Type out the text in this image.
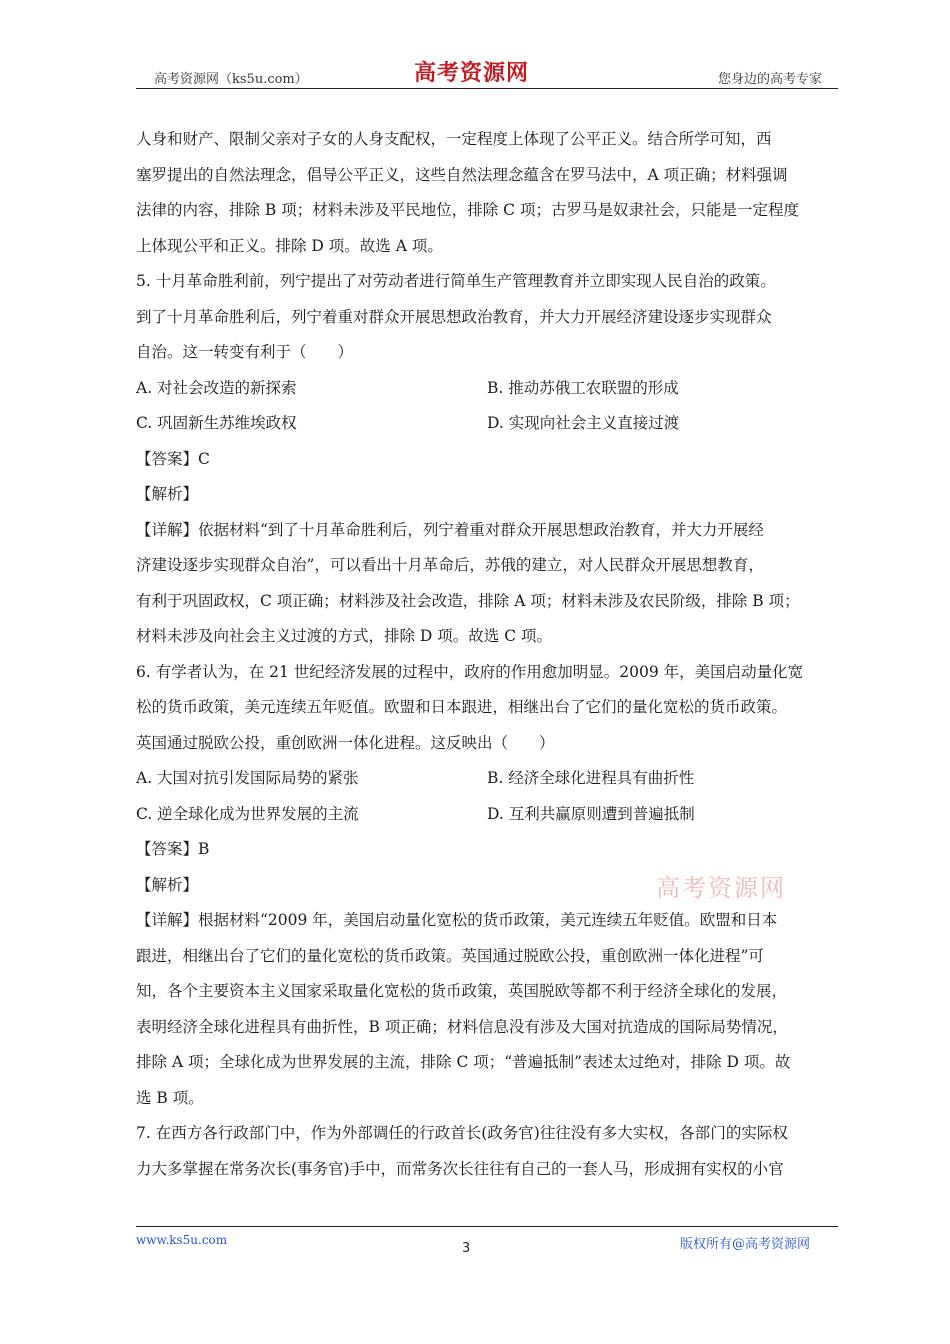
高考资源网（ks5u.com）	高考资源网	您身边的高考专家
人身和财产、限制父亲对子女的人身支配权，一定程度上体现了公平正义。结合所学可知，西
塞罗提出的自然法理念，倡导公平正义，这些自然法理念蕴含在罗马法中，A 项正确；材料强调
法律的内容，排除 B 项；材料未涉及平民地位，排除 C 项；古罗马是奴隶社会，只能是一定程度
上体现公平和正义。排除 D 项。故选 A 项。
5. 十月革命胜利前，列宁提出了对劳动者进行简单生产管理教育并立即实现人民自治的政策。
到了十月革命胜利后，列宁着重对群众开展思想政治教育，并大力开展经济建设逐步实现群众
自治。这一转变有利于（　　）
A. 对社会改造的新探索	B. 推动苏俄工农联盟的形成
C. 巩固新生苏维埃政权	D. 实现向社会主义直接过渡
【答案】C
【解析】
【详解】依据材料“到了十月革命胜利后，列宁着重对群众开展思想政治教育，并大力开展经
济建设逐步实现群众自治”，可以看出十月革命后，苏俄的建立，对人民群众开展思想教育，
有利于巩固政权，C 项正确；材料涉及社会改造，排除 A 项；材料未涉及农民阶级，排除 B 项；
材料未涉及向社会主义过渡的方式，排除 D 项。故选 C 项。
6. 有学者认为，在 21 世纪经济发展的过程中，政府的作用愈加明显。2009 年，美国启动量化宽
松的货币政策，美元连续五年贬值。欧盟和日本跟进，相继出台了它们的量化宽松的货币政策。
英国通过脱欧公投，重创欧洲一体化进程。这反映出（　　）
A. 大国对抗引发国际局势的紧张	B. 经济全球化进程具有曲折性
C. 逆全球化成为世界发展的主流	D. 互利共赢原则遭到普遍抵制
【答案】B
【解析】
【详解】根据材料“2009 年，美国启动量化宽松的货币政策，美元连续五年贬值。欧盟和日本
跟进，相继出台了它们的量化宽松的货币政策。英国通过脱欧公投，重创欧洲一体化进程”可
知，各个主要资本主义国家采取量化宽松的货币政策，英国脱欧等都不利于经济全球化的发展，
表明经济全球化进程具有曲折性，B 项正确；材料信息没有涉及大国对抗造成的国际局势情况，
排除 A 项；全球化成为世界发展的主流，排除 C 项；“普遍抵制”表述太过绝对，排除 D 项。故
选 B 项。
7. 在西方各行政部门中，作为外部调任的行政首长(政务官)往往没有多大实权，各部门的实际权
力大多掌握在常务次长(事务官)手中，而常务次长往往有自己的一套人马，形成拥有实权的小官
高考资源网
www.ks5u.com
3	版权所有@高考资源网
